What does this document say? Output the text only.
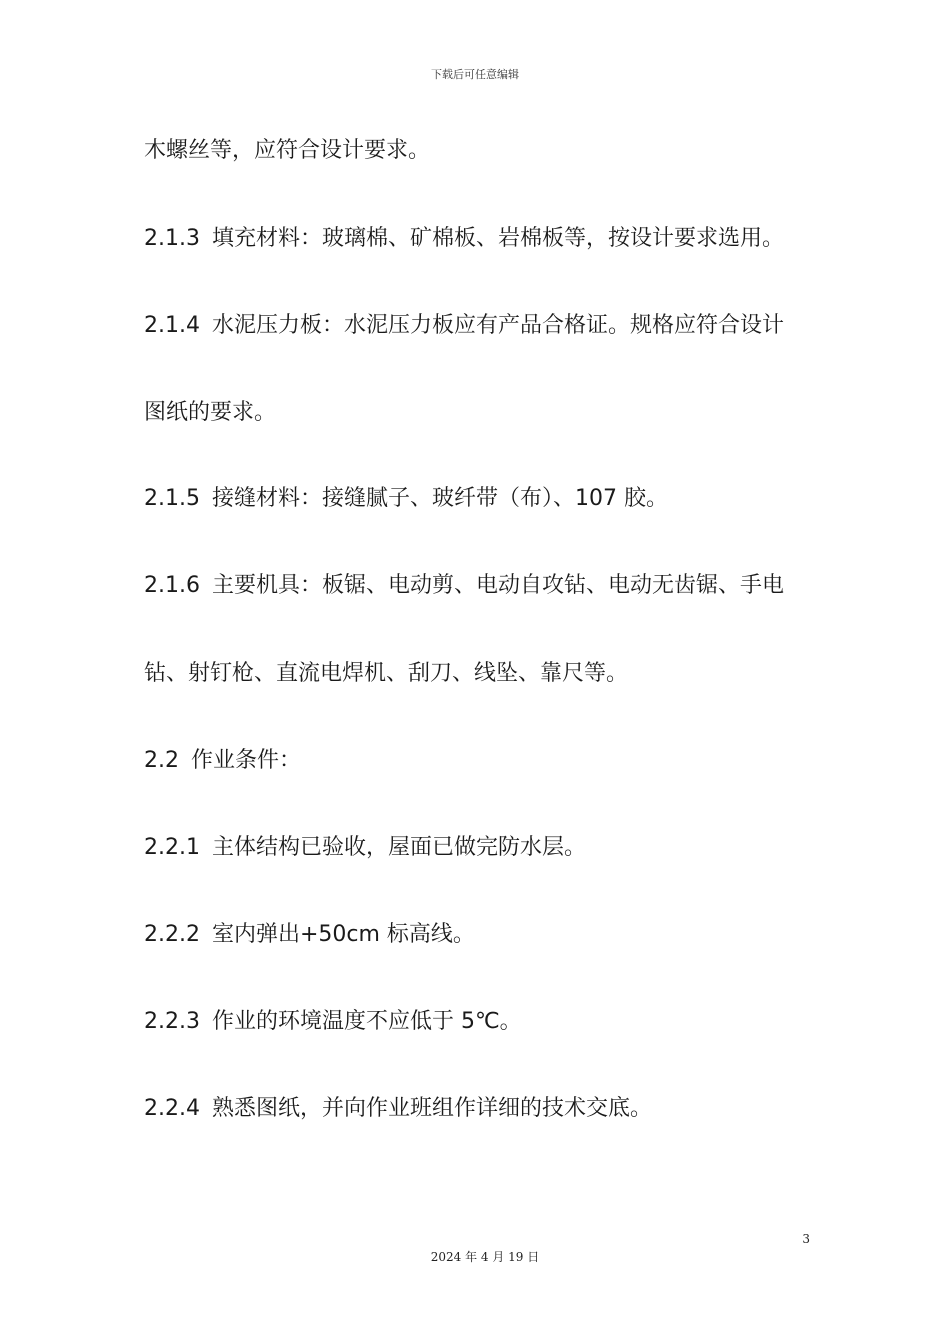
下载后可任意编辑
木螺丝等，应符合设计要求。
2.1.3 填充材料：玻璃棉、矿棉板、岩棉板等，按设计要求选用。
2.1.4 水泥压力板：水泥压力板应有产品合格证。规格应符合设计
图纸的要求。
2.1.5 接缝材料：接缝腻子、玻纤带（布）、107 胶。
2.1.6 主要机具：板锯、电动剪、电动自攻钻、电动无齿锯、手电
钻、射钉枪、直流电焊机、刮刀、线坠、靠尺等。
2.2 作业条件：
2.2.1 主体结构已验收，屋面已做完防水层。
2.2.2 室内弹出+50cm 标高线。
2.2.3 作业的环境温度不应低于 5℃。
2.2.4 熟悉图纸，并向作业班组作详细的技术交底。
3
2024 年 4 月 19 日
